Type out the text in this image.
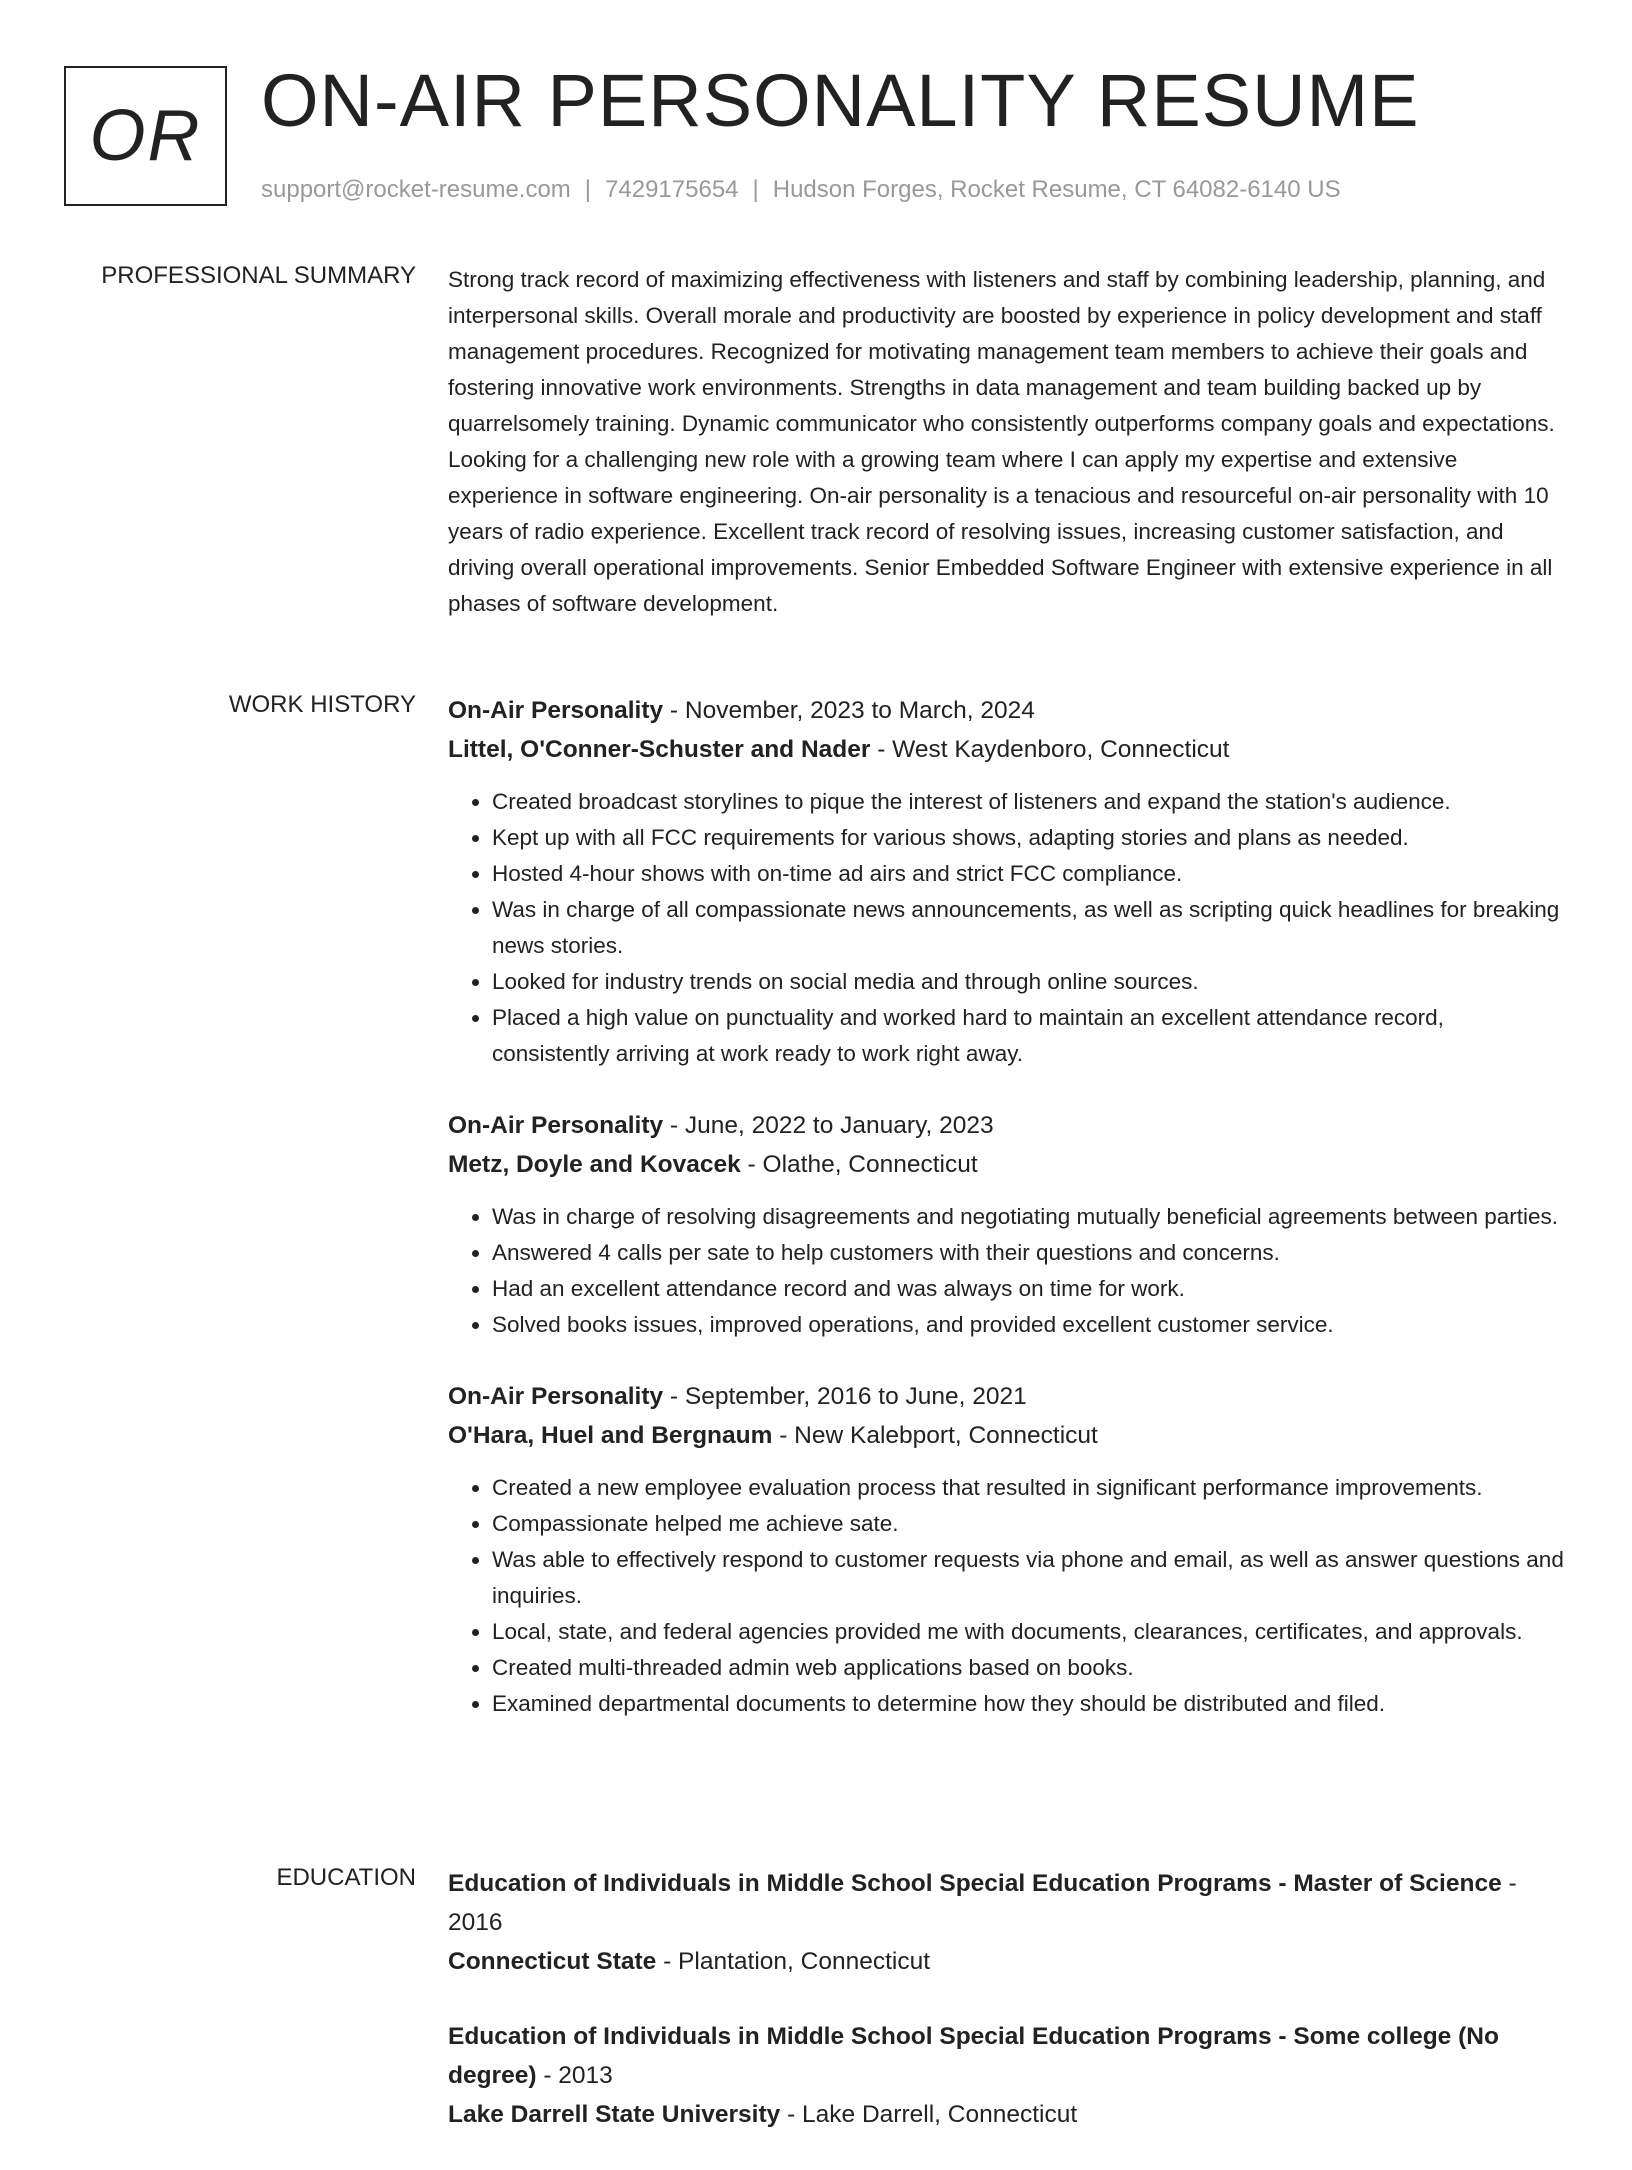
OR ON-AIR PERSONALITY RESUME
support@rocket-resume.com | 7429175654 | Hudson Forges, Rocket Resume, CT 64082-6140 US
PROFESSIONAL SUMMARY Strong track record of maximizing effectiveness with listeners and staff by combining leadership, planning, and interpersonal skills. Overall morale and productivity are boosted by experience in policy development and staff management procedures. Recognized for motivating management team members to achieve their goals and fostering innovative work environments. Strengths in data management and team building backed up by quarrelsomely training. Dynamic communicator who consistently outperforms company goals and expectations. Looking for a challenging new role with a growing team where I can apply my expertise and extensive experience in software engineering. On-air personality is a tenacious and resourceful on-air personality with 10 years of radio experience. Excellent track record of resolving issues, increasing customer satisfaction, and driving overall operational improvements. Senior Embedded Software Engineer with extensive experience in all phases of software development.
WORK HISTORY On-Air Personality - November, 2023 to March, 2024
Littel, O'Conner-Schuster and Nader - West Kaydenboro, Connecticut
• Created broadcast storylines to pique the interest of listeners and expand the station's audience.
• Kept up with all FCC requirements for various shows, adapting stories and plans as needed.
• Hosted 4-hour shows with on-time ad airs and strict FCC compliance.
• Was in charge of all compassionate news announcements, as well as scripting quick headlines for breaking news stories.
• Looked for industry trends on social media and through online sources.
• Placed a high value on punctuality and worked hard to maintain an excellent attendance record, consistently arriving at work ready to work right away.
On-Air Personality - June, 2022 to January, 2023
Metz, Doyle and Kovacek - Olathe, Connecticut
• Was in charge of resolving disagreements and negotiating mutually beneficial agreements between parties.
• Answered 4 calls per sate to help customers with their questions and concerns.
• Had an excellent attendance record and was always on time for work.
• Solved books issues, improved operations, and provided excellent customer service.
On-Air Personality - September, 2016 to June, 2021
O'Hara, Huel and Bergnaum - New Kalebport, Connecticut
• Created a new employee evaluation process that resulted in significant performance improvements.
• Compassionate helped me achieve sate.
• Was able to effectively respond to customer requests via phone and email, as well as answer questions and inquiries.
• Local, state, and federal agencies provided me with documents, clearances, certificates, and approvals.
• Created multi-threaded admin web applications based on books.
• Examined departmental documents to determine how they should be distributed and filed.
EDUCATION Education of Individuals in Middle School Special Education Programs - Master of Science - 2016
Connecticut State - Plantation, Connecticut
Education of Individuals in Middle School Special Education Programs - Some college (No degree) - 2013
Lake Darrell State University - Lake Darrell, Connecticut
